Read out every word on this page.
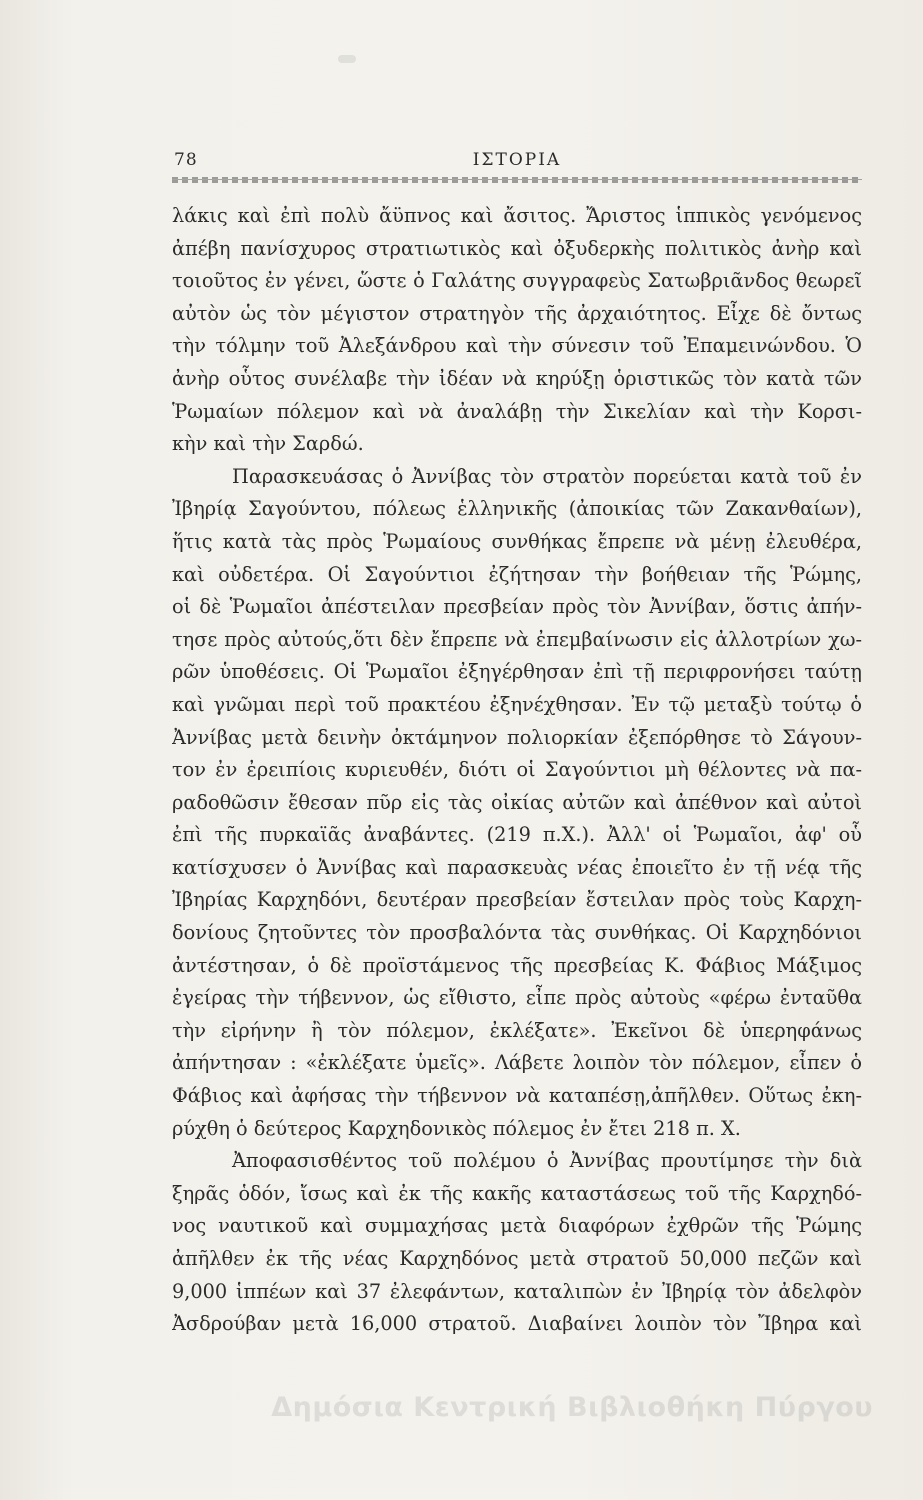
78	ΙΣΤΟΡΙΑ
λάκις καὶ ἐπὶ πολὺ ἄϋπνος καὶ ἄσιτος. Ἄριστος ἱππικὸς γενόμενος
ἀπέβη πανίσχυρος στρατιωτικὸς καὶ ὀξυδερκὴς πολιτικὸς ἀνὴρ καὶ
τοιοῦτος ἐν γένει, ὥστε ὁ Γαλάτης συγγραφεὺς Σατωβριᾶνδος θεωρεῖ
αὐτὸν ὡς τὸν μέγιστον στρατηγὸν τῆς ἀρχαιότητος. Εἶχε δὲ ὄντως
τὴν τόλμην τοῦ Ἀλεξάνδρου καὶ τὴν σύνεσιν τοῦ Ἐπαμεινώνδου. Ὁ
ἀνὴρ οὗτος συνέλαβε τὴν ἰδέαν νὰ κηρύξῃ ὁριστικῶς τὸν κατὰ τῶν
Ῥωμαίων πόλεμον καὶ νὰ ἀναλάβῃ τὴν Σικελίαν καὶ τὴν Κορσι-
κὴν καὶ τὴν Σαρδώ.
Παρασκευάσας ὁ Ἀννίβας τὸν στρατὸν πορεύεται κατὰ τοῦ ἐν
Ἰβηρίᾳ Σαγούντου, πόλεως ἑλληνικῆς (ἀποικίας τῶν Ζακανθαίων),
ἥτις κατὰ τὰς πρὸς Ῥωμαίους συνθήκας ἔπρεπε νὰ μένῃ ἐλευθέρα,
καὶ οὐδετέρα. Οἱ Σαγούντιοι ἐζήτησαν τὴν βοήθειαν τῆς Ῥώμης,
οἱ δὲ Ῥωμαῖοι ἀπέστειλαν πρεσβείαν πρὸς τὸν Ἀννίβαν, ὅστις ἀπήν-
τησε πρὸς αὐτούς,ὅτι δὲν ἔπρεπε νὰ ἐπεμβαίνωσιν εἰς ἀλλοτρίων χω-
ρῶν ὑποθέσεις. Οἱ Ῥωμαῖοι ἐξηγέρθησαν ἐπὶ τῇ περιφρονήσει ταύτῃ
καὶ γνῶμαι περὶ τοῦ πρακτέου ἐξηνέχθησαν. Ἐν τῷ μεταξὺ τούτῳ ὁ
Ἀννίβας μετὰ δεινὴν ὀκτάμηνον πολιορκίαν ἐξεπόρθησε τὸ Σάγουν-
τον ἐν ἐρειπίοις κυριευθέν, διότι οἱ Σαγούντιοι μὴ θέλοντες νὰ πα-
ραδοθῶσιν ἔθεσαν πῦρ εἰς τὰς οἰκίας αὐτῶν καὶ ἀπέθνον καὶ αὐτοὶ
ἐπὶ τῆς πυρκαϊᾶς ἀναβάντες. (219 π.Χ.). Ἀλλ' οἱ Ῥωμαῖοι, ἀφ' οὗ
κατίσχυσεν ὁ Ἀννίβας καὶ παρασκευὰς νέας ἐποιεῖτο ἐν τῇ νέᾳ τῆς
Ἰβηρίας Καρχηδόνι, δευτέραν πρεσβείαν ἔστειλαν πρὸς τοὺς Καρχη-
δονίους ζητοῦντες τὸν προσβαλόντα τὰς συνθήκας. Οἱ Καρχηδόνιοι
ἀντέστησαν, ὁ δὲ προϊστάμενος τῆς πρεσβείας Κ. Φάβιος Μάξιμος
ἐγείρας τὴν τήβεννον, ὡς εἴθιστο, εἶπε πρὸς αὐτοὺς «φέρω ἐνταῦθα
τὴν εἰρήνην ἢ τὸν πόλεμον, ἐκλέξατε». Ἐκεῖνοι δὲ ὑπερηφάνως
ἀπήντησαν : «ἐκλέξατε ὑμεῖς». Λάβετε λοιπὸν τὸν πόλεμον, εἶπεν ὁ
Φάβιος καὶ ἀφήσας τὴν τήβεννον νὰ καταπέσῃ,ἀπῆλθεν. Οὕτως ἐκη-
ρύχθη ὁ δεύτερος Καρχηδονικὸς πόλεμος ἐν ἔτει 218 π. Χ.
Ἀποφασισθέντος τοῦ πολέμου ὁ Ἀννίβας προυτίμησε τὴν διὰ
ξηρᾶς ὁδόν, ἴσως καὶ ἐκ τῆς κακῆς καταστάσεως τοῦ τῆς Καρχηδό-
νος ναυτικοῦ καὶ συμμαχήσας μετὰ διαφόρων ἐχθρῶν τῆς Ῥώμης
ἀπῆλθεν ἐκ τῆς νέας Καρχηδόνος μετὰ στρατοῦ 50,000 πεζῶν καὶ
9,000 ἱππέων καὶ 37 ἐλεφάντων, καταλιπὼν ἐν Ἰβηρίᾳ τὸν ἀδελφὸν
Ἀσδρούβαν μετὰ 16,000 στρατοῦ. Διαβαίνει λοιπὸν τὸν Ἴβηρα καὶ
Δημόσια Κεντρική Βιβλιοθήκη Πύργου
